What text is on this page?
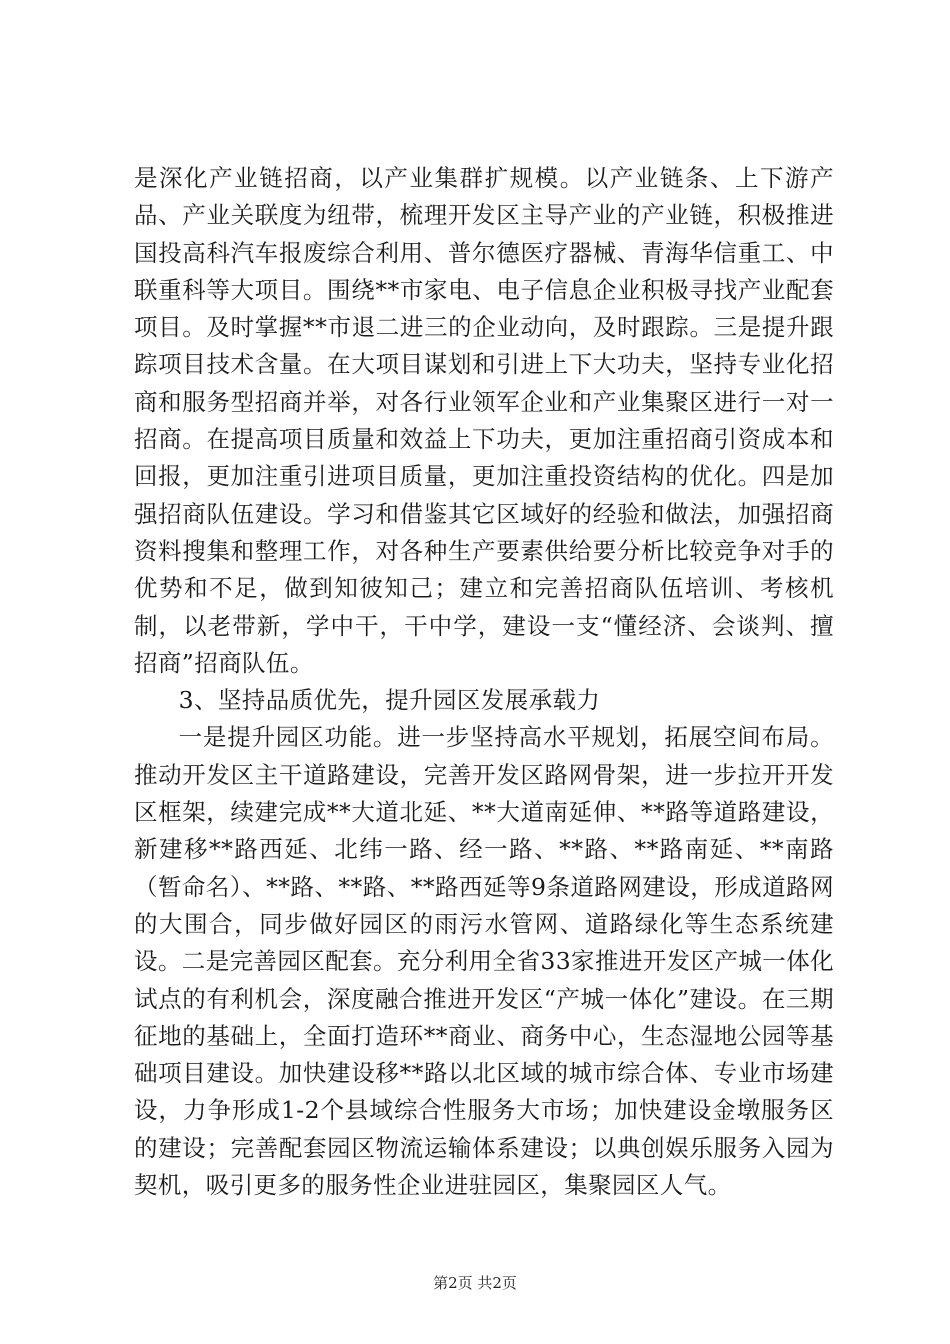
是深化产业链招商，以产业集群扩规模。以产业链条、上下游产品、产业关联度为纽带，梳理开发区主导产业的产业链，积极推进国投高科汽车报废综合利用、普尔德医疗器械、青海华信重工、中联重科等大项目。围绕**市家电、电子信息企业积极寻找产业配套项目。及时掌握**市退二进三的企业动向，及时跟踪。三是提升跟踪项目技术含量。在大项目谋划和引进上下大功夫，坚持专业化招商和服务型招商并举，对各行业领军企业和产业集聚区进行一对一招商。在提高项目质量和效益上下功夫，更加注重招商引资成本和回报，更加注重引进项目质量，更加注重投资结构的优化。四是加强招商队伍建设。学习和借鉴其它区域好的经验和做法，加强招商资料搜集和整理工作，对各种生产要素供给要分析比较竞争对手的优势和不足，做到知彼知己；建立和完善招商队伍培训、考核机制，以老带新，学中干，干中学，建设一支“懂经济、会谈判、擅招商”招商队伍。

3、坚持品质优先，提升园区发展承载力

一是提升园区功能。进一步坚持高水平规划，拓展空间布局。推动开发区主干道路建设，完善开发区路网骨架，进一步拉开开发区框架，续建完成**大道北延、**大道南延伸、**路等道路建设，新建移**路西延、北纬一路、经一路、**路、**路南延、**南路（暂命名）、**路、**路、**路西延等9条道路网建设，形成道路网的大围合，同步做好园区的雨污水管网、道路绿化等生态系统建设。二是完善园区配套。充分利用全省33家推进开发区产城一体化试点的有利机会，深度融合推进开发区“产城一体化”建设。在三期征地的基础上，全面打造环**商业、商务中心，生态湿地公园等基础项目建设。加快建设移**路以北区域的城市综合体、专业市场建设，力争形成1-2个县域综合性服务大市场；加快建设金墩服务区的建设；完善配套园区物流运输体系建设；以典创娱乐服务入园为契机，吸引更多的服务性企业进驻园区，集聚园区人气。

第2页 共2页
